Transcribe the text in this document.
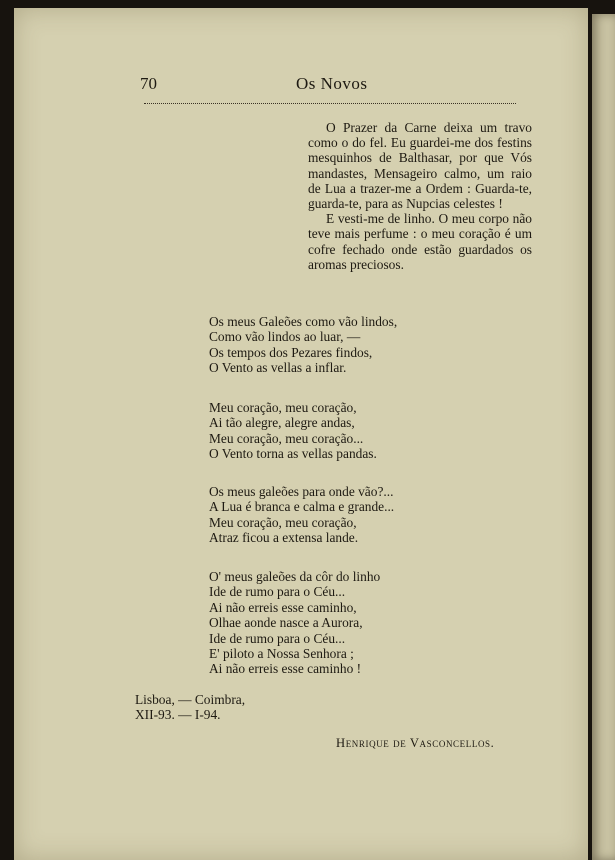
70	Os Novos

O Prazer da Carne deixa um travo como o do fel. Eu guardei-me dos festins mesquinhos de Balthasar, por que Vós mandastes, Mensageiro calmo, um raio de Lua a trazer-me a Ordem : Guarda-te, guarda-te, para as Nupcias celestes !

E vesti-me de linho. O meu corpo não teve mais perfume : o meu coração é um cofre fechado onde estão guardados os aromas preciosos.

Os meus Galeões como vão lindos,
Como vão lindos ao luar, —
Os tempos dos Pezares findos,
O Vento as vellas a inflar.
Meu coração, meu coração,
Ai tão alegre, alegre andas,
Meu coração, meu coração...
O Vento torna as vellas pandas.
Os meus galeões para onde vão?...
A Lua é branca e calma e grande...
Meu coração, meu coração,
Atraz ficou a extensa lande.
O' meus galeões da côr do linho
Ide de rumo para o Céu...
Ai não erreis esse caminho,
Olhae aonde nasce a Aurora,
Ide de rumo para o Céu...
E' piloto a Nossa Senhora ;
Ai não erreis esse caminho !
Lisboa, — Coimbra,
XII-93. — I-94.
Henrique de Vasconcellos.
